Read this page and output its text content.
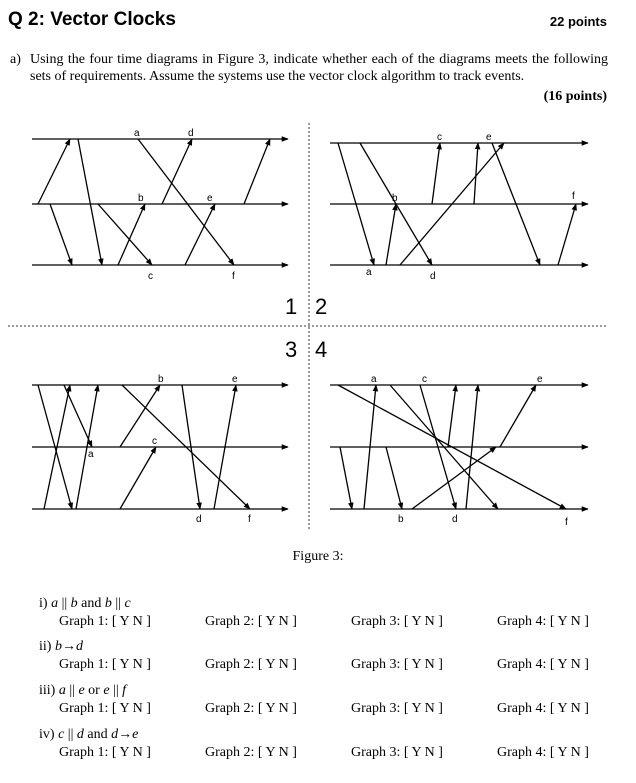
Q 2: Vector Clocks	22 points
a) Using the four time diagrams in Figure 3, indicate whether each of the diagrams meets the following sets of requirements. Assume the systems use the vector clock algorithm to track events.
(16 points)
1 2
3 4
a	d
b	e
c	f
c	e
b	f
a	d
b	e
c
a
d	f
a	c	e
b	d	f
Figure 3:
i) a || b and b || c
Graph 1: [ Y N ]	Graph 2: [ Y N ]	Graph 3: [ Y N ]	Graph 4: [ Y N ]
ii) b→d
Graph 1: [ Y N ]	Graph 2: [ Y N ]	Graph 3: [ Y N ]	Graph 4: [ Y N ]
iii) a || e or e || f
Graph 1: [ Y N ]	Graph 2: [ Y N ]	Graph 3: [ Y N ]	Graph 4: [ Y N ]
iv) c || d and d→e
Graph 1: [ Y N ]	Graph 2: [ Y N ]	Graph 3: [ Y N ]	Graph 4: [ Y N ]
